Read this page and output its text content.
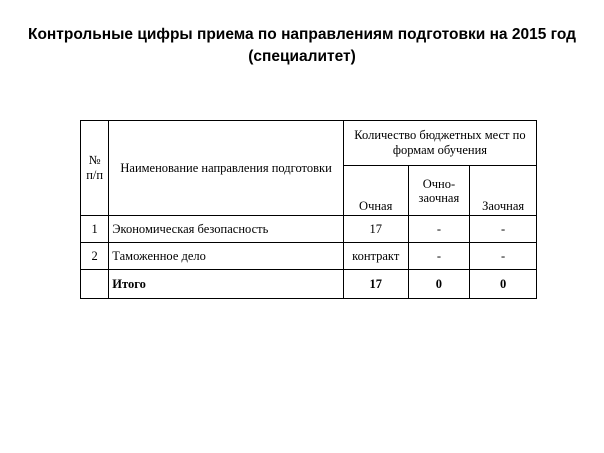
Контрольные цифры приема по направлениям подготовки на 2015 год
(специалитет)
№ п/п	Наименование направления подготовки	Количество бюджетных мест по формам обучения		
		Очная	Очно-заочная	Заочная
1	Экономическая безопасность	17	-	-
2	Таможенное дело	контракт	-	-
	Итого	17	0	0
